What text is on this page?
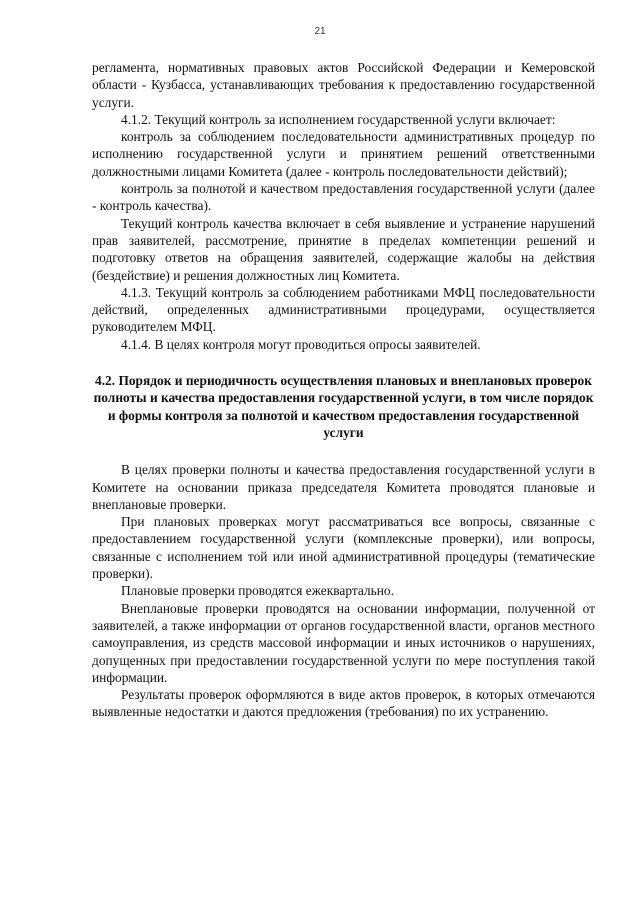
21

регламента, нормативных правовых актов Российской Федерации и Кемеровской области - Кузбасса, устанавливающих требования к предоставлению государственной услуги.

4.1.2. Текущий контроль за исполнением государственной услуги включает:

контроль за соблюдением последовательности административных процедур по исполнению государственной услуги и принятием решений ответственными должностными лицами Комитета (далее - контроль последовательности действий);

контроль за полнотой и качеством предоставления государственной услуги (далее - контроль качества).

Текущий контроль качества включает в себя выявление и устранение нарушений прав заявителей, рассмотрение, принятие в пределах компетенции решений и подготовку ответов на обращения заявителей, содержащие жалобы на действия (бездействие) и решения должностных лиц Комитета.

4.1.3. Текущий контроль за соблюдением работниками МФЦ последовательности действий, определенных административными процедурами, осуществляется руководителем МФЦ.

4.1.4. В целях контроля могут проводиться опросы заявителей.

4.2. Порядок и периодичность осуществления плановых и внеплановых проверок полноты и качества предоставления государственной услуги, в том числе порядок и формы контроля за полнотой и качеством предоставления государственной услуги

В целях проверки полноты и качества предоставления государственной услуги в Комитете на основании приказа председателя Комитета проводятся плановые и внеплановые проверки.

При плановых проверках могут рассматриваться все вопросы, связанные с предоставлением государственной услуги (комплексные проверки), или вопросы, связанные с исполнением той или иной административной процедуры (тематические проверки).

Плановые проверки проводятся ежеквартально.

Внеплановые проверки проводятся на основании информации, полученной от заявителей, а также информации от органов государственной власти, органов местного самоуправления, из средств массовой информации и иных источников о нарушениях, допущенных при предоставлении государственной услуги по мере поступления такой информации.

Результаты проверок оформляются в виде актов проверок, в которых отмечаются выявленные недостатки и даются предложения (требования) по их устранению.
